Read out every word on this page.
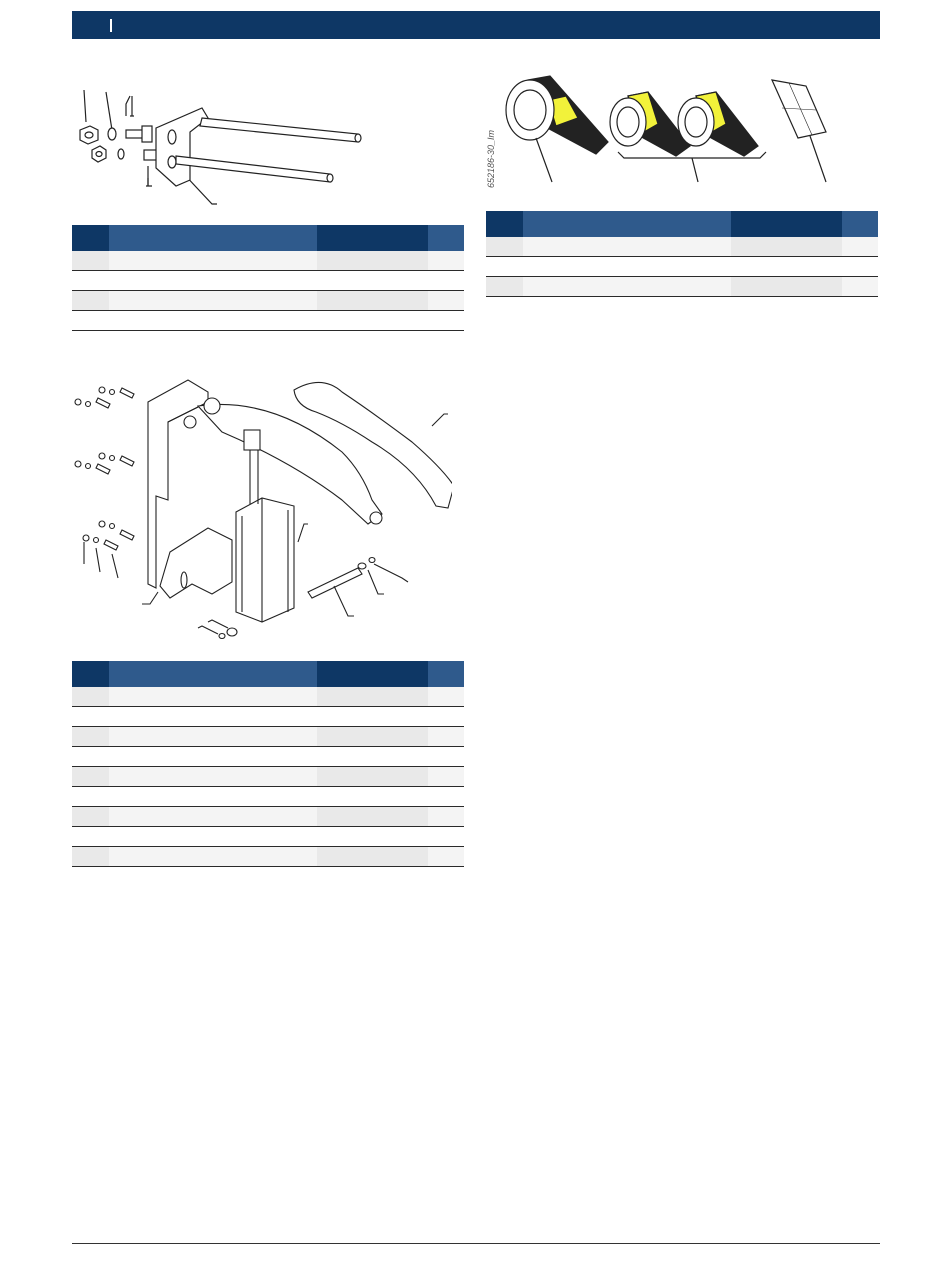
652186-30_Im
